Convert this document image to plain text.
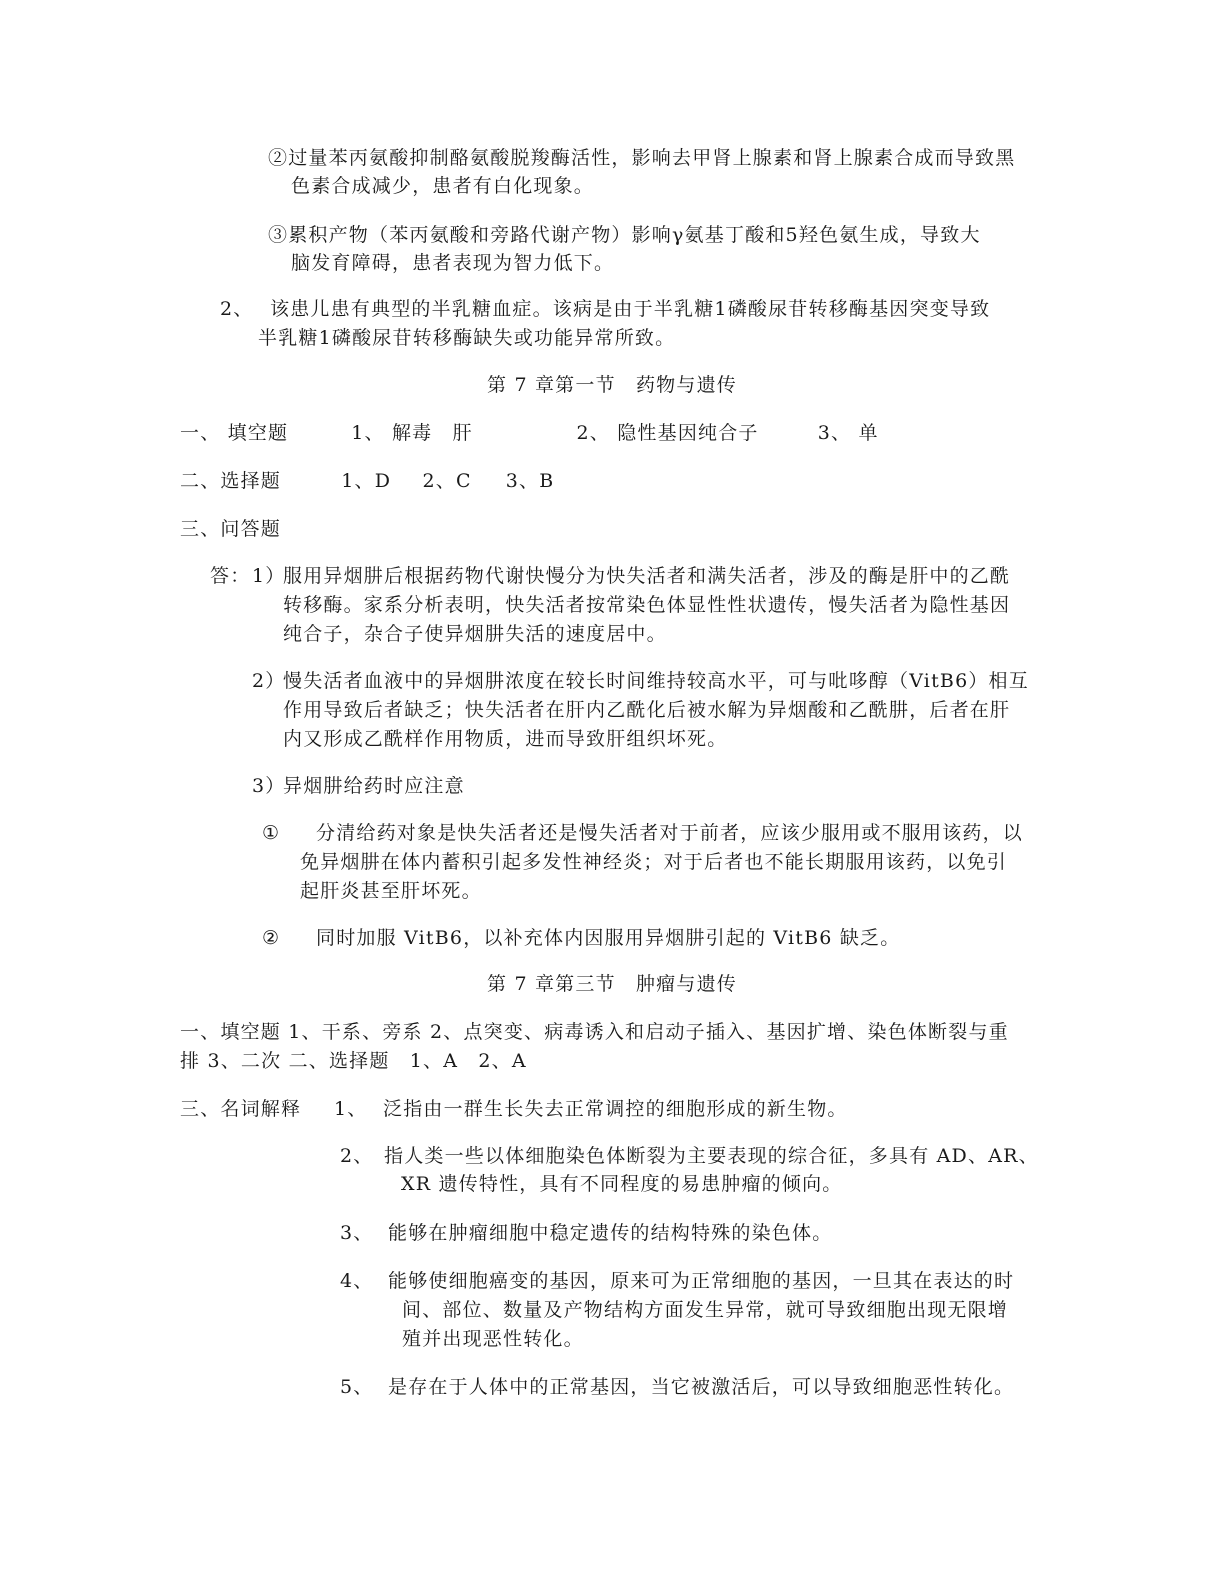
②过量苯丙氨酸抑制酪氨酸脱羧酶活性，影响去甲肾上腺素和肾上腺素合成而导致黑
色素合成减少，患者有白化现象。
③累积产物（苯丙氨酸和旁路代谢产物）影响γ氨基丁酸和5羟色氨生成，导致大
脑发育障碍，患者表现为智力低下。
2、 该患儿患有典型的半乳糖血症。该病是由于半乳糖1磷酸尿苷转移酶基因突变导致
半乳糖1磷酸尿苷转移酶缺失或功能异常所致。
第 7 章第一节　药物与遗传
一、 填空题	1、 解毒　肝	2、 隐性基因纯合子	3、 单
二、选择题	1、D 2、C 3、B
三、问答题
答： 1）
服用异烟肼后根据药物代谢快慢分为快失活者和满失活者，涉及的酶是肝中的乙酰
转移酶。家系分析表明，快失活者按常染色体显性性状遗传，慢失活者为隐性基因
纯合子，杂合子使异烟肼失活的速度居中。
2）
慢失活者血液中的异烟肼浓度在较长时间维持较高水平，可与吡哆醇（VitB6）相互
作用导致后者缺乏；快失活者在肝内乙酰化后被水解为异烟酸和乙酰肼，后者在肝
内又形成乙酰样作用物质，进而导致肝组织坏死。
3）
异烟肼给药时应注意
① 分清给药对象是快失活者还是慢失活者对于前者，应该少服用或不服用该药，以
免异烟肼在体内蓄积引起多发性神经炎；对于后者也不能长期服用该药，以免引
起肝炎甚至肝坏死。
② 同时加服 VitB6，以补充体内因服用异烟肼引起的 VitB6 缺乏。
第 7 章第三节　肿瘤与遗传
一、填空题 1、干系、旁系 2、点突变、病毒诱入和启动子插入、基因扩增、染色体断裂与重
排 3、二次 二、选择题　1、A　2、A
三、名词解释 1、 泛指由一群生长失去正常调控的细胞形成的新生物。
2、 指人类一些以体细胞染色体断裂为主要表现的综合征，多具有 AD、AR、
XR 遗传特性，具有不同程度的易患肿瘤的倾向。
3、 能够在肿瘤细胞中稳定遗传的结构特殊的染色体。
4、 能够使细胞癌变的基因，原来可为正常细胞的基因，一旦其在表达的时
间、部位、数量及产物结构方面发生异常，就可导致细胞出现无限增
殖并出现恶性转化。
5、 是存在于人体中的正常基因，当它被激活后，可以导致细胞恶性转化。
